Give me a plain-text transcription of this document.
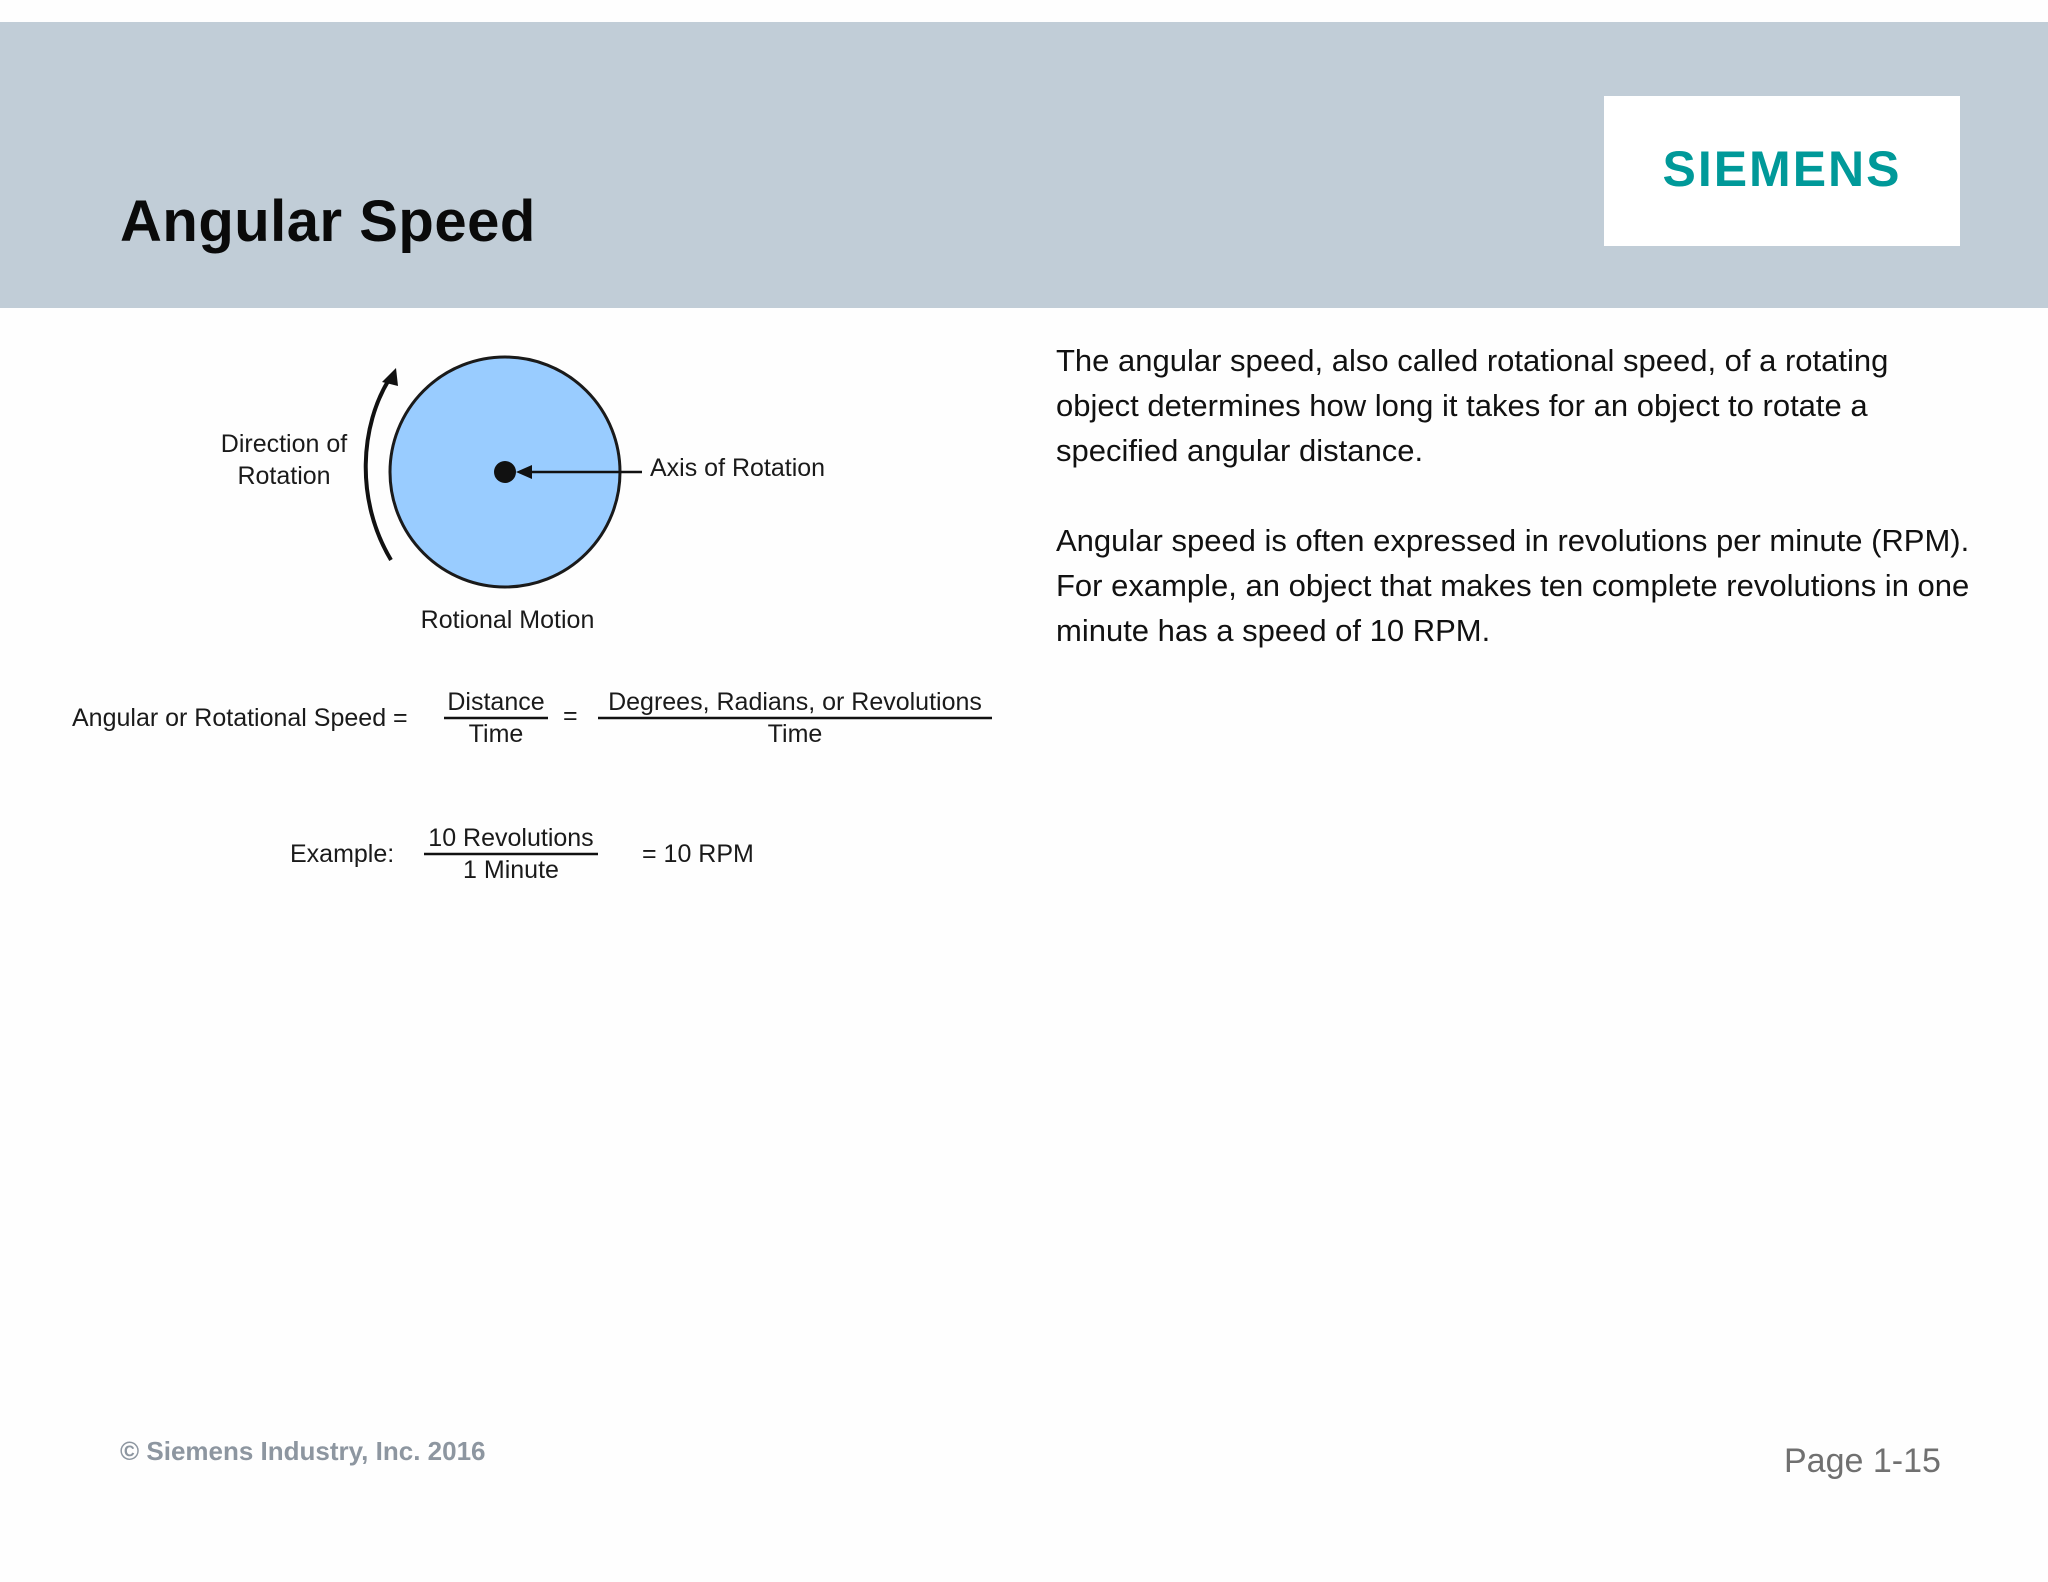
Angular Speed
SIEMENS
Direction of
Rotation	Axis of Rotation
Rotional Motion
Angular or Rotational Speed =
Distance
Time
=	Degrees, Radians, or Revolutions
Time
Example:
10 Revolutions
1 Minute
= 10 RPM

The angular speed, also called rotational speed, of a rotating object determines how long it takes for an object to rotate a specified angular distance.

Angular speed is often expressed in revolutions per minute (RPM). For example, an object that makes ten complete revolutions in one minute has a speed of 10 RPM.

© Siemens Industry, Inc. 2016	Page 1-15
